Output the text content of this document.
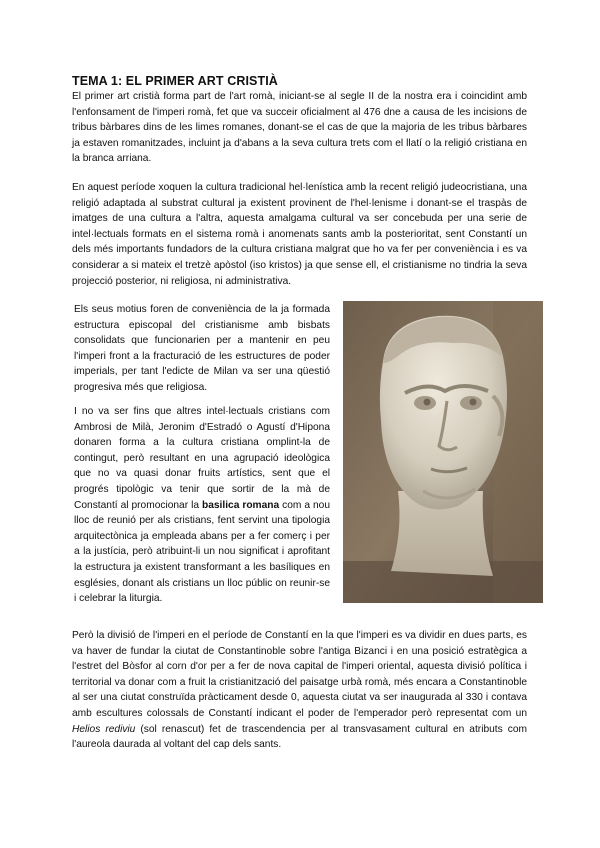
TEMA 1: EL PRIMER ART CRISTIÀ

El primer art cristià forma part de l'art romà, iniciant-se al segle II de la nostra era i coincidint amb l'enfonsament de l'imperi romà, fet que va succeir oficialment al 476 dne a causa de les incisions de tribus bàrbares dins de les limes romanes, donant-se el cas de que la majoria de les tribus bàrbares ja estaven romanitzades, incluint ja d'abans a la seva cultura trets com el llatí o la religió cristiana en la branca arriana.

En aquest període xoquen la cultura tradicional hel·lenística amb la recent religió judeocristiana, una religió adaptada al substrat cultural ja existent provinent de l'hel·lenisme i donant-se el traspàs de imatges de una cultura a l'altra, aquesta amalgama cultural va ser concebuda per una serie de intel·lectuals formats en el sistema romà i anomenats sants amb la posterioritat, sent Constantí un dels més importants fundadors de la cultura cristiana malgrat que ho va fer per conveniència i es va considerar a si mateix el tretzè apòstol (iso kristos) ja que sense ell, el cristianisme no tindria la seva projecció posterior, ni religiosa, ni administrativa.

Els seus motius foren de conveniència de la ja formada estructura episcopal del cristianisme amb bisbats consolidats que funcionarien per a mantenir en peu l'imperi front a la fracturació de les estructures de poder imperials, per tant l'edicte de Milan va ser una qüestió progresiva més que religiosa.

I no va ser fins que altres intel·lectuals cristians com Ambrosi de Milà, Jeronim d'Estradó o Agustí d'Hipona donaren forma a la cultura cristiana omplint-la de contingut, però resultant en una agrupació ideològica que no va quasi donar fruits artístics, sent que el progrés tipològic va tenir que sortir de la mà de Constantí al promocionar la basilica romana com a nou lloc de reunió per als cristians, fent servint una tipologia arquitectònica ja empleada abans per a fer comerç i per a la justícia, però atribuint-li un nou significat i aprofitant la estructura ja existent transformant a les basíliques en esglésies, donant als cristians un lloc públic on reunir-se i celebrar la liturgia.

Però la divisió de l'imperi en el període de Constantí en la que l'imperi es va dividir en dues parts, es va haver de fundar la ciutat de Constantinoble sobre l'antiga Bizanci i en una posició estratègica a l'estret del Bòsfor al corn d'or per a fer de nova capital de l'imperi oriental, aquesta divisió política i territorial va donar com a fruit la cristianització del paisatge urbà romà, més encara a Constantinoble al ser una ciutat construïda pràcticament desde 0, aquesta ciutat va ser inaugurada al 330 i contava amb escultures colossals de Constantí indicant el poder de l'emperador però representat com un Helios rediviu (sol renascut) fet de trascendencia per al transvasament cultural en atributs com l'aureola daurada al voltant del cap dels sants.
